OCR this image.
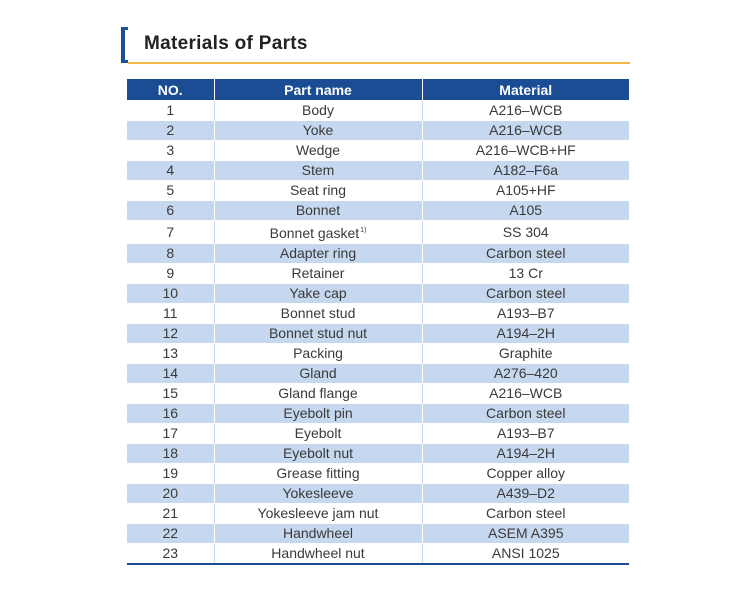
Materials of Parts
NO.	Part name	Material
1	Body	A216–WCB
2	Yoke	A216–WCB
3	Wedge	A216–WCB+HF
4	Stem	A182–F6a
5	Seat ring	A105+HF
6	Bonnet	A105
7	Bonnet gasket$^{1)}$	SS 304
8	Adapter ring	Carbon steel
9	Retainer	13 Cr
10	Yake cap	Carbon steel
11	Bonnet stud	A193–B7
12	Bonnet stud nut	A194–2H
13	Packing	Graphite
14	Gland	A276–420
15	Gland flange	A216–WCB
16	Eyebolt pin	Carbon steel
17	Eyebolt	A193–B7
18	Eyebolt nut	A194–2H
19	Grease fitting	Copper alloy
20	Yokesleeve	A439–D2
21	Yokesleeve jam nut	Carbon steel
22	Handwheel	ASEM A395
23	Handwheel nut	ANSI 1025
